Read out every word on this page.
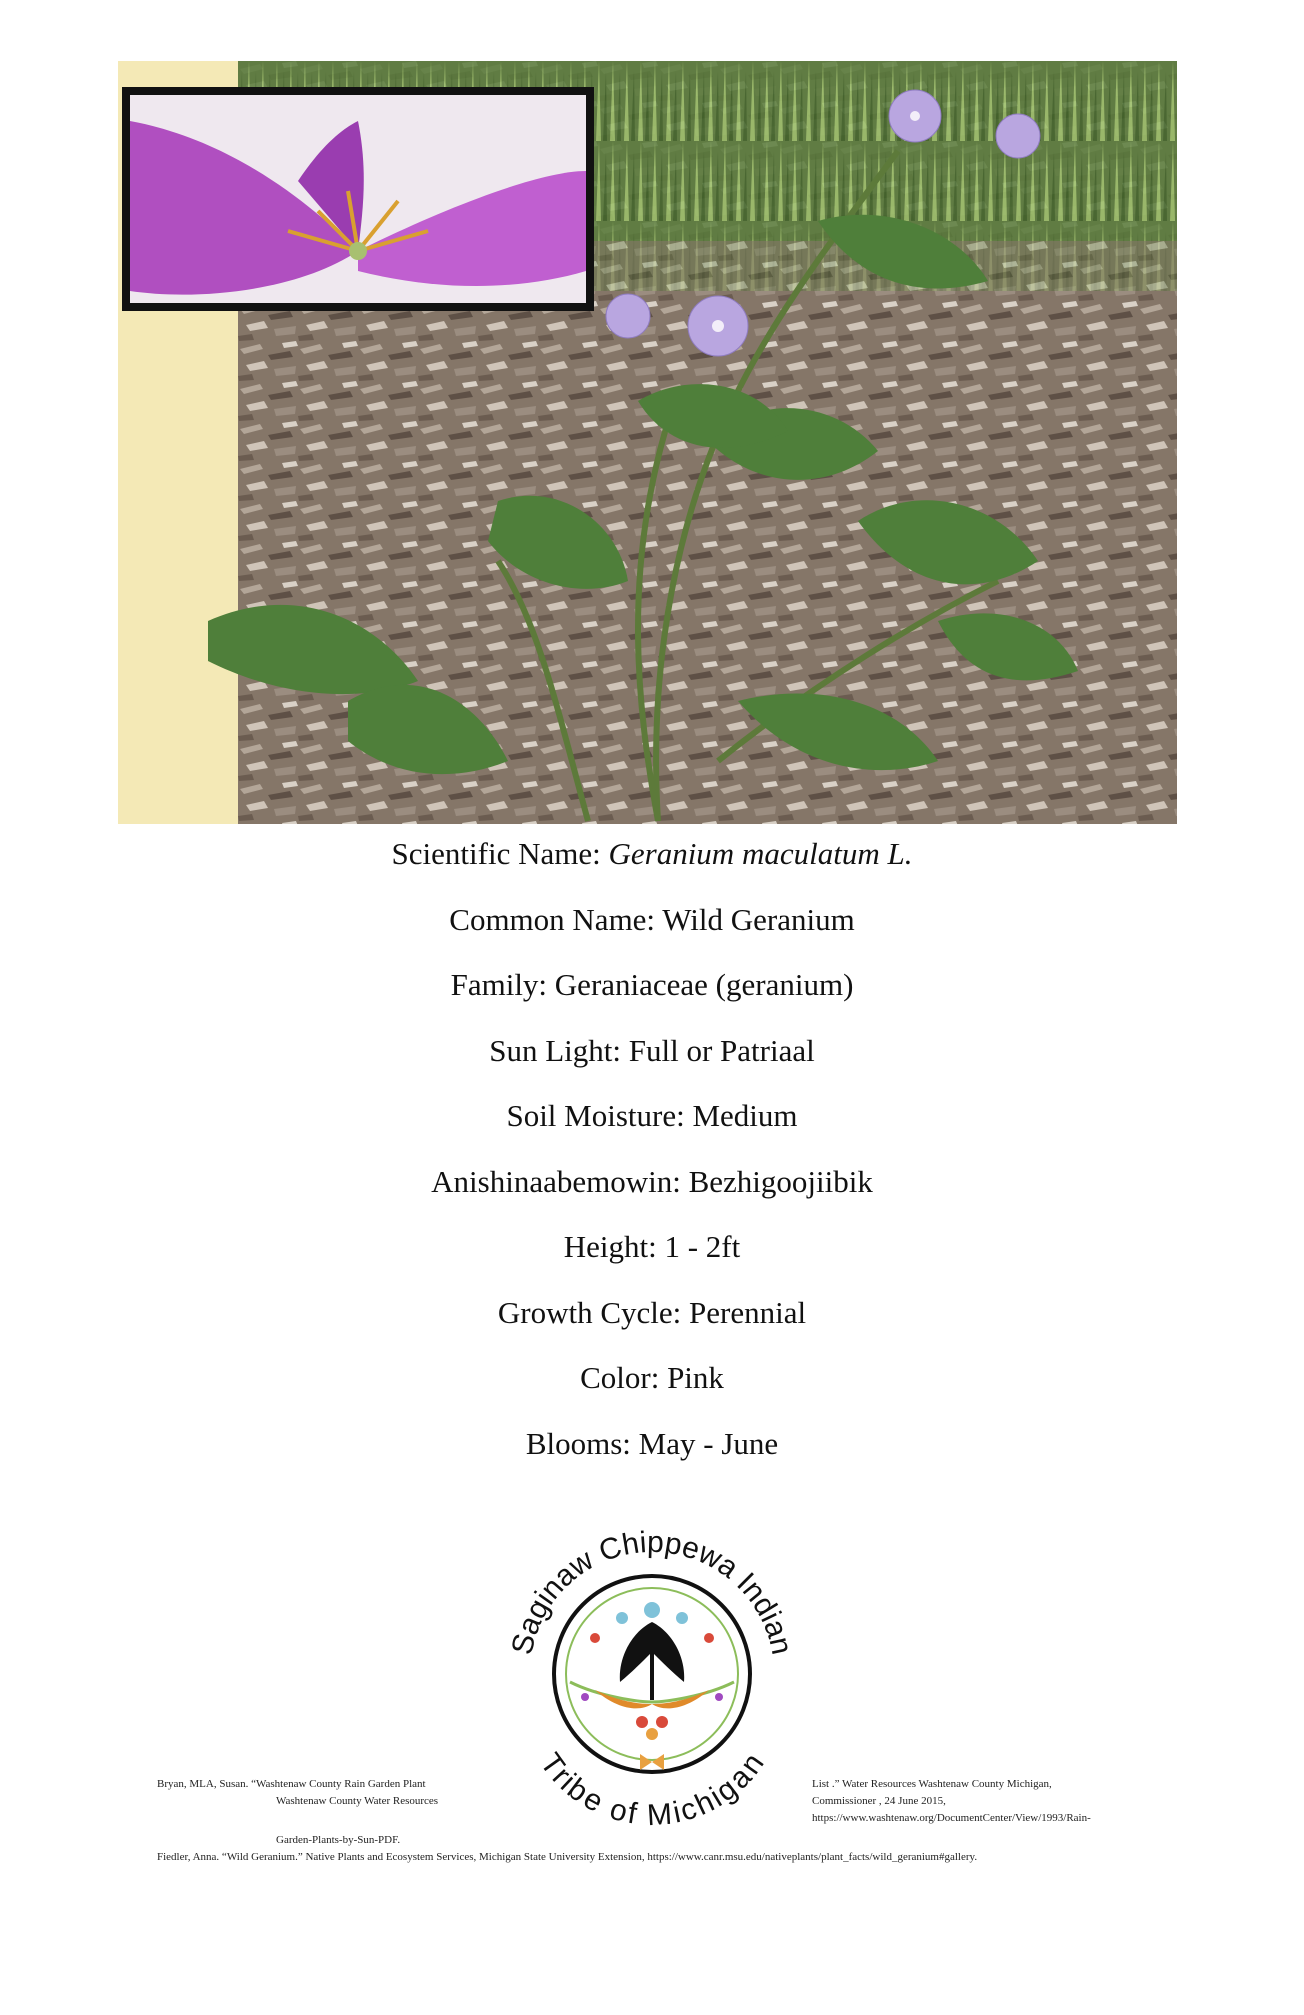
Scientific Name: Geranium maculatum L.
Common Name: Wild Geranium
Family: Geraniaceae (geranium)
Sun Light: Full or Patriaal
Soil Moisture: Medium
Anishinaabemowin: Bezhigoojiibik
Height: 1 - 2ft
Growth Cycle: Perennial
Color: Pink
Blooms: May - June
Saginaw Chippewa Indian
Tribe of Michigan
Bryan, MLA, Susan. “Washtenaw County Rain Garden Plant
Washtenaw County Water Resources
List .” Water Resources Washtenaw County Michigan,
Commissioner , 24 June 2015,
https://www.washtenaw.org/DocumentCenter/View/1993/Rain-
Garden-Plants-by-Sun-PDF.
Fiedler, Anna. “Wild Geranium.” Native Plants and Ecosystem Services, Michigan State University Extension, https://www.canr.msu.edu/nativeplants/plant_facts/wild_geranium#gallery.
